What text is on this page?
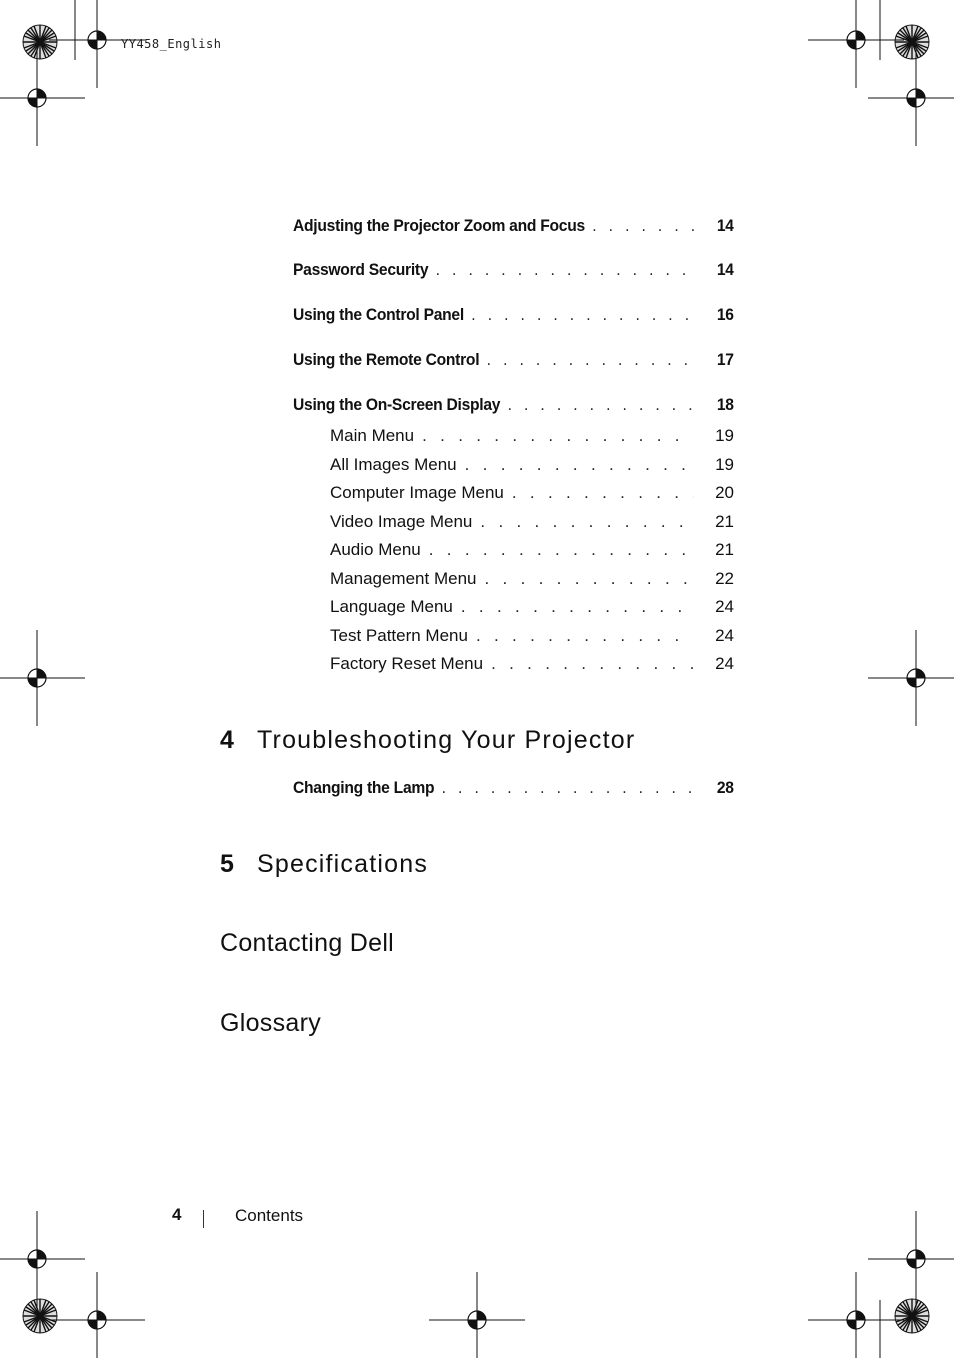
YY458_English
Adjusting the Projector Zoom and Focus . . .	14
Password Security . . .	14
Using the Control Panel . . .	16
Using the Remote Control . . .	17
Using the On-Screen Display . . .	18
Main Menu . . .	19
All Images Menu . . .	19
Computer Image Menu . . .	20
Video Image Menu . . .	21
Audio Menu . . .	21
Management Menu . . .	22
Language Menu . . .	24
Test Pattern Menu . . .	24
Factory Reset Menu . . .	24
4 Troubleshooting Your Projector
Changing the Lamp . . .	28
5 Specifications
Contacting Dell
Glossary
4	Contents
